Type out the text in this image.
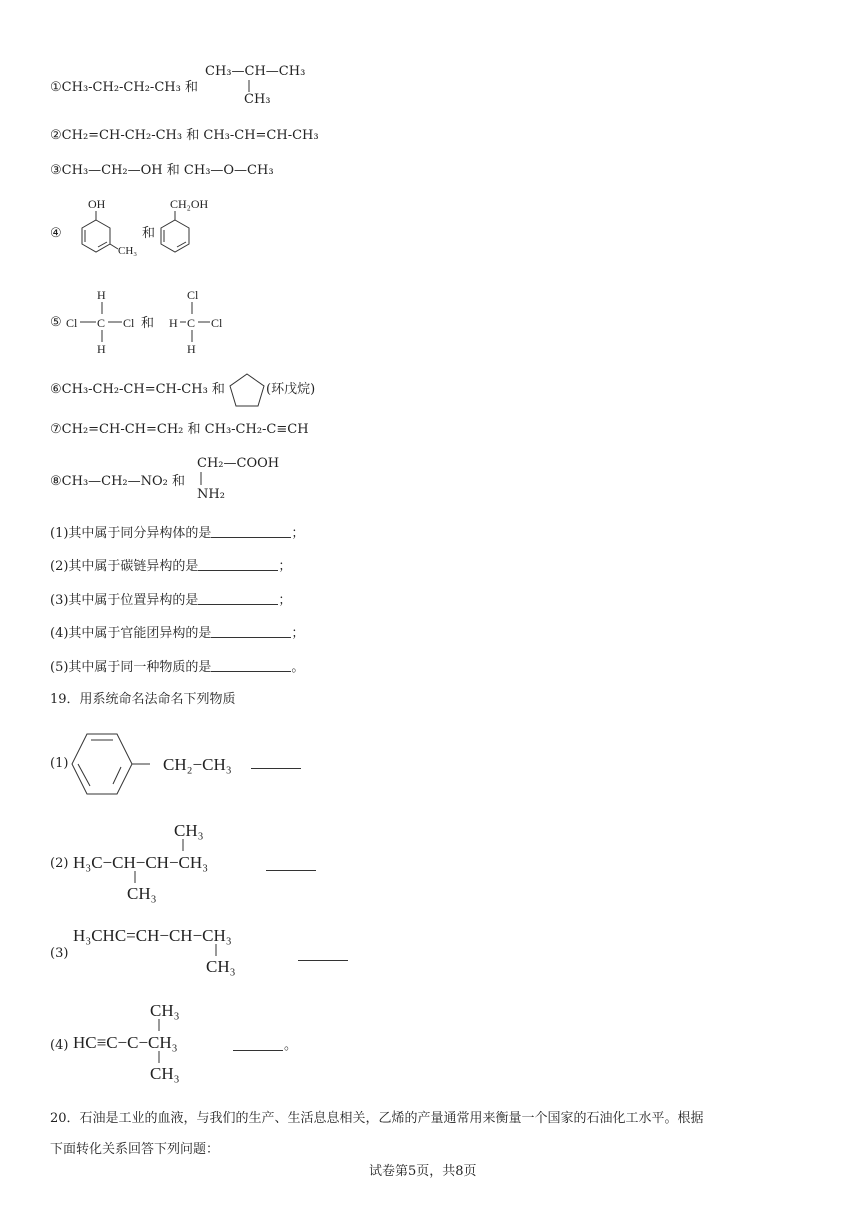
①CH₃-CH₂-CH₂-CH₃ 和
CH₃—CH—CH₃
CH₃
②CH₂=CH-CH₂-CH₃ 和 CH₃-CH=CH-CH₃
③CH₃—CH₂—OH 和 CH₃—O—CH₃
④
OH
CH₃
和
CH₂OH
⑤
H
Cl C Cl
H
和 H
Cl
C Cl
H
⑥CH₃-CH₂-CH=CH-CH₃ 和	(环戊烷)
⑦CH₂=CH-CH=CH₂ 和 CH₃-CH₂-C≡CH
⑧CH₃—CH₂—NO₂ 和
CH₂—COOH
NH₂
(1)其中属于同分异构体的是	；
(2)其中属于碳链异构的是	；
(3)其中属于位置异构的是	；
(4)其中属于官能团异构的是	；
(5)其中属于同一种物质的是	。
19．用系统命名法命名下列物质
(1)	CH₂−CH₃
(2)
CH₃
H₃C−CH−CH−CH₃
CH₃
(3)
H₃CHC=CH−CH−CH₃
CH₃
(4)
CH₃
HC≡C−C−CH₃
CH₃
。
20．石油是工业的血液，与我们的生产、生活息息相关，乙烯的产量通常用来衡量一个国家的石油化工水平。根据
下面转化关系回答下列问题：
试卷第5页，共8页
